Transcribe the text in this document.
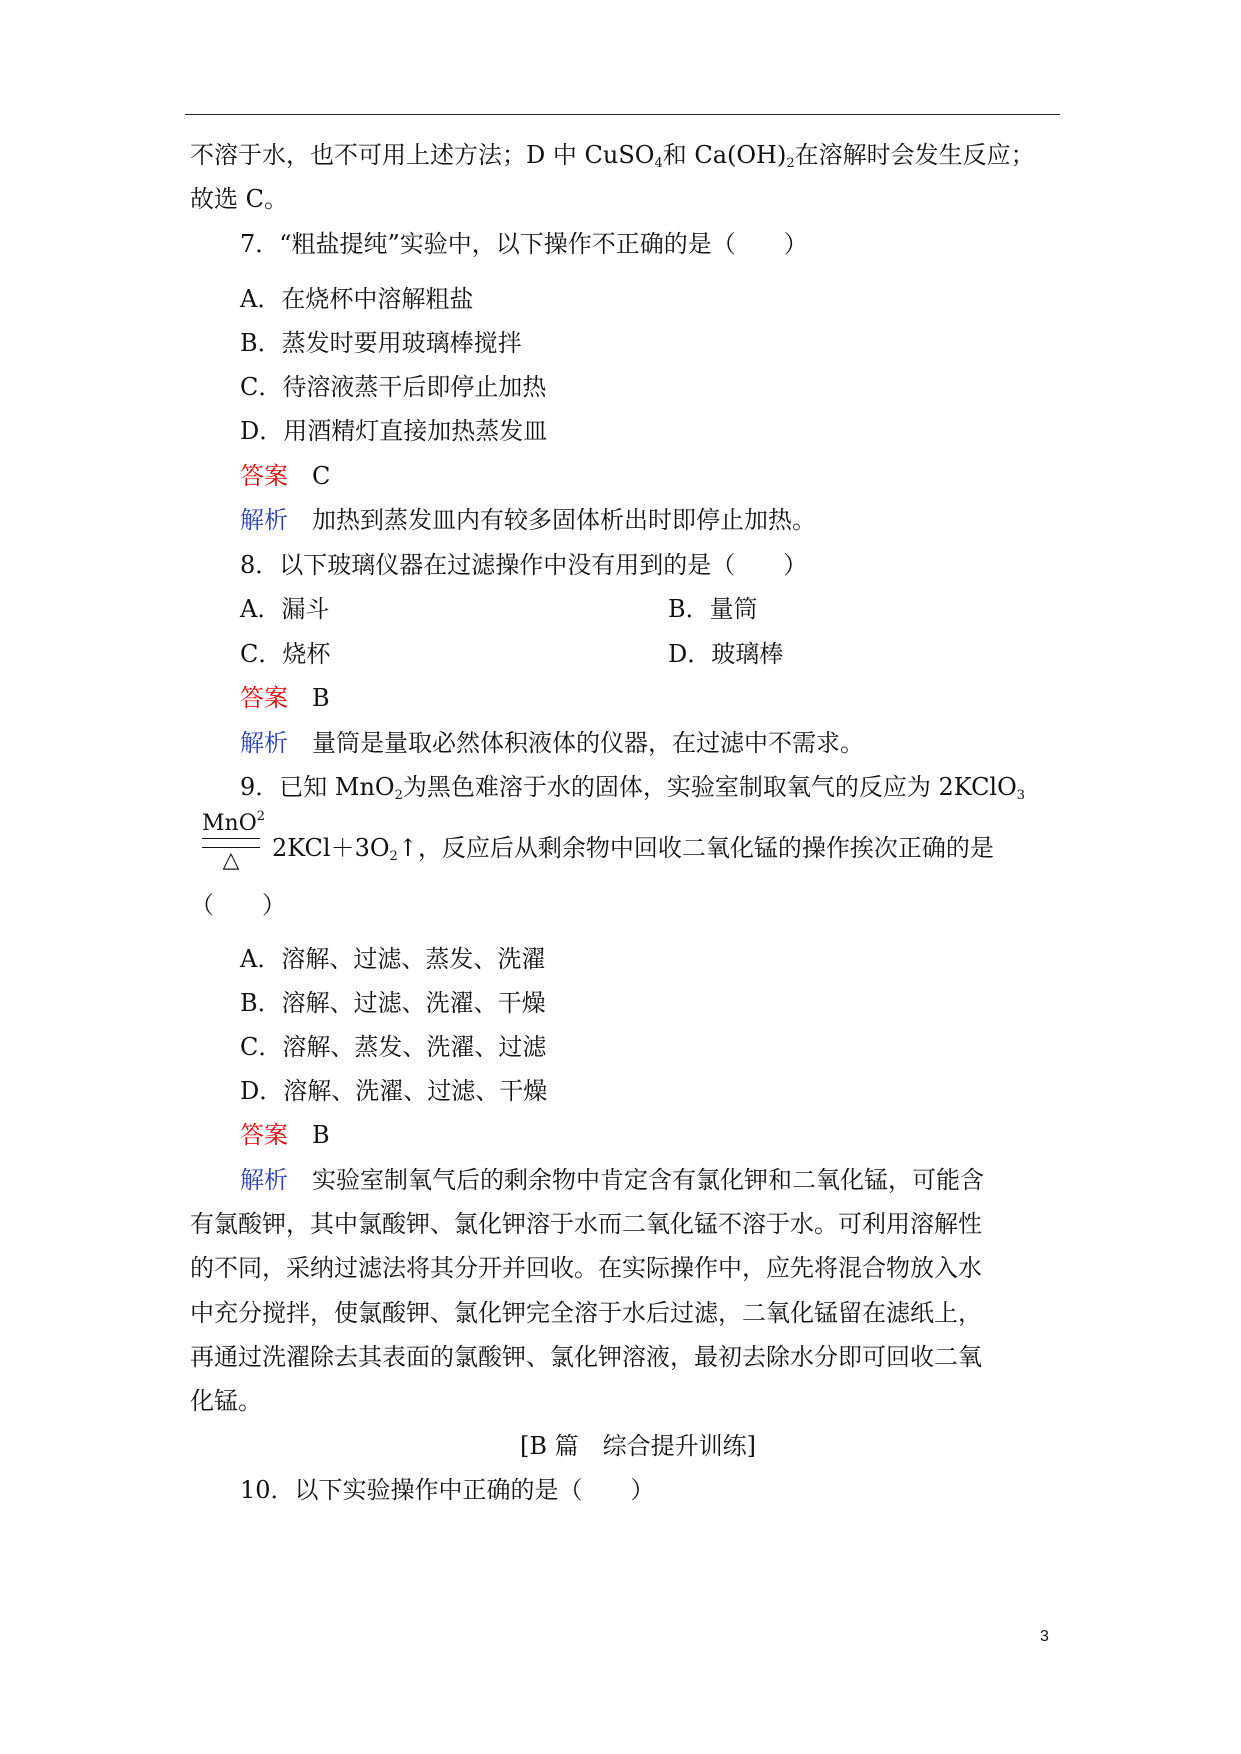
不溶于水，也不可用上述方法；D 中 CuSO$_4$和 $Ca(OH)_2$在溶解时会发生反应；
故选 C。
7．“粗盐提纯”实验中，以下操作不正确的是（　　）
A．在烧杯中溶解粗盐
B．蒸发时要用玻璃棒搅拌
C．待溶液蒸干后即停止加热
D．用酒精灯直接加热蒸发皿
答案 C
解析 加热到蒸发皿内有较多固体析出时即停止加热。
8．以下玻璃仪器在过滤操作中没有用到的是（　　）
A．漏斗	B．量筒
C．烧杯	D．玻璃棒
答案 B
解析 量筒是量取必然体积液体的仪器，在过滤中不需求。
9．已知 MnO$_2$为黑色难溶于水的固体，实验室制取氧气的反应为 2KClO$_3$
MnO$^2$
△	$2KCl+3O_2↑$，反应后从剩余物中回收二氧化锰的操作挨次正确的是
（　　）
A．溶解、过滤、蒸发、洗濯
B．溶解、过滤、洗濯、干燥
C．溶解、蒸发、洗濯、过滤
D．溶解、洗濯、过滤、干燥
答案 B
解析 实验室制氧气后的剩余物中肯定含有氯化钾和二氧化锰，可能含
有氯酸钾，其中氯酸钾、氯化钾溶于水而二氧化锰不溶于水。可利用溶解性
的不同，采纳过滤法将其分开并回收。在实际操作中，应先将混合物放入水
中充分搅拌，使氯酸钾、氯化钾完全溶于水后过滤，二氧化锰留在滤纸上，
再通过洗濯除去其表面的氯酸钾、氯化钾溶液，最初去除水分即可回收二氧
化锰。
[B 篇　综合提升训练]
10．以下实验操作中正确的是（　　）
3
